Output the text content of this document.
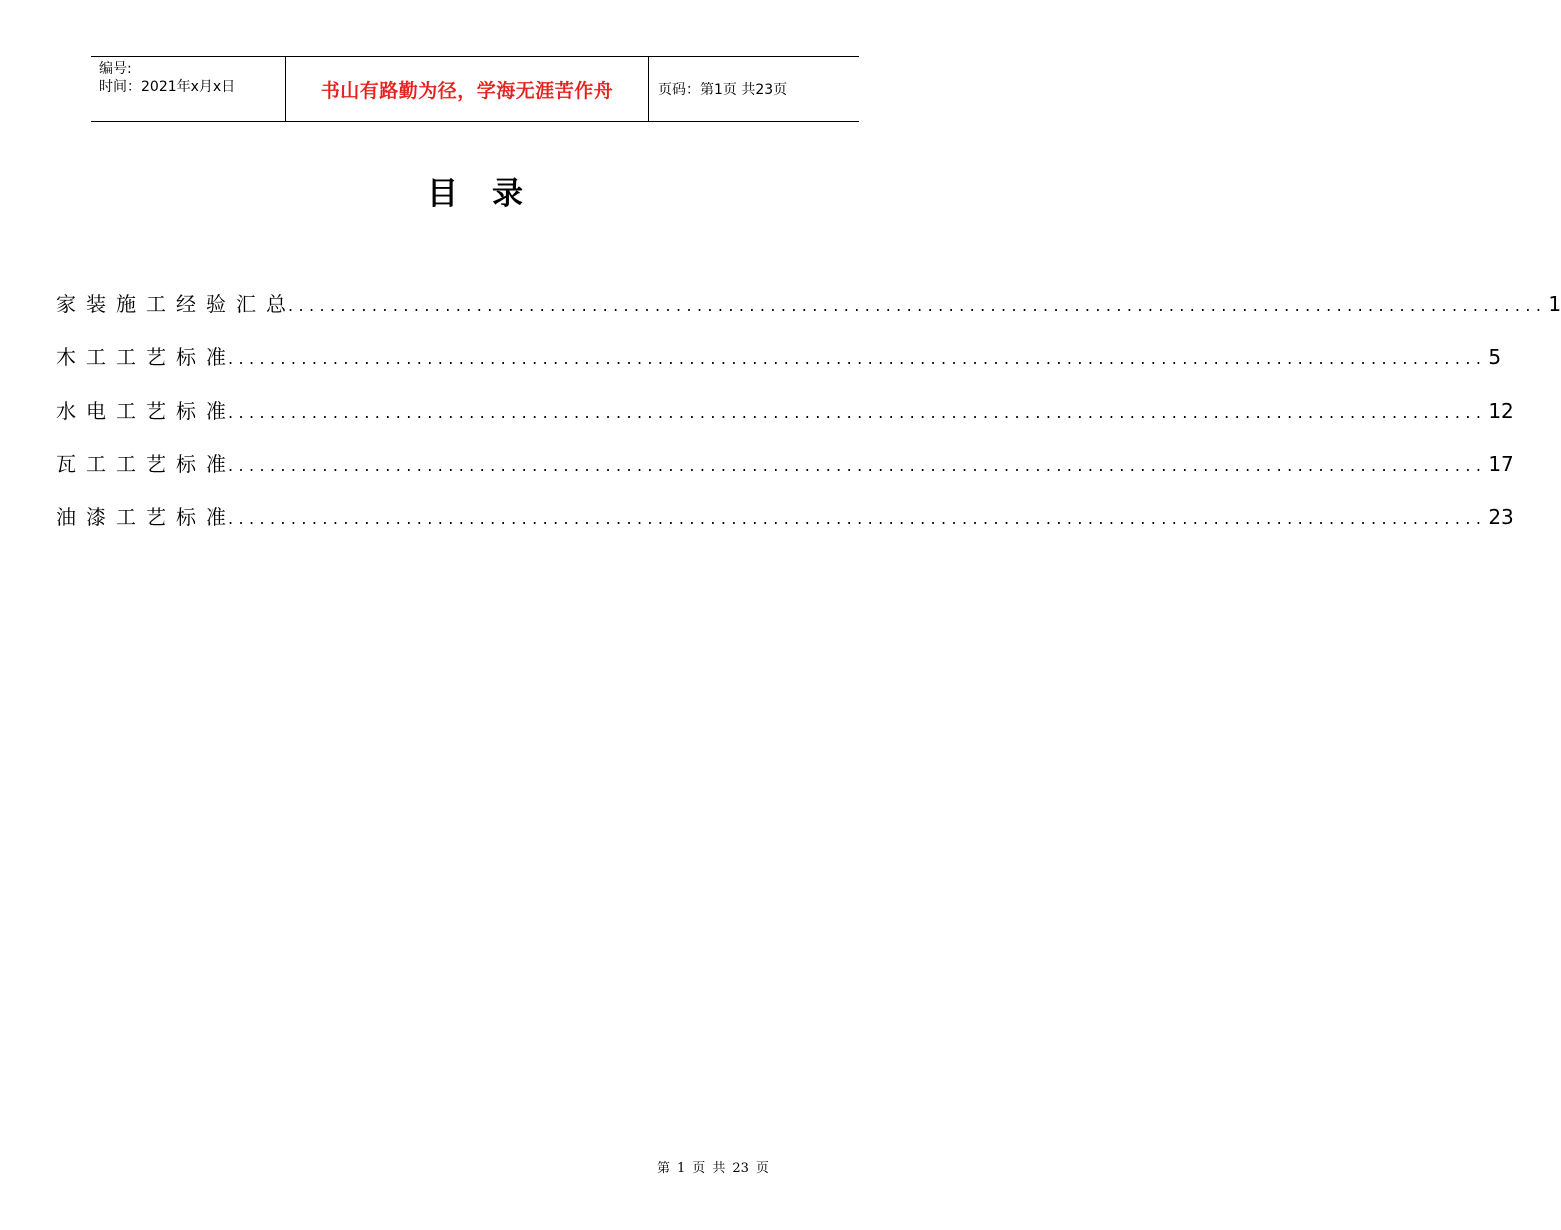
编号:
时间：2021年x月x日	书山有路勤为径，学海无涯苦作舟	页码：第1页 共23页
目录
家装施工经验汇总
........................................................................................................................ 1
木工工艺标准
........................................................................................................................ 5
水电工艺标准
........................................................................................................................ 12
瓦工工艺标准
........................................................................................................................ 17
油漆工艺标准
........................................................................................................................ 23
第 1 页 共 23 页
